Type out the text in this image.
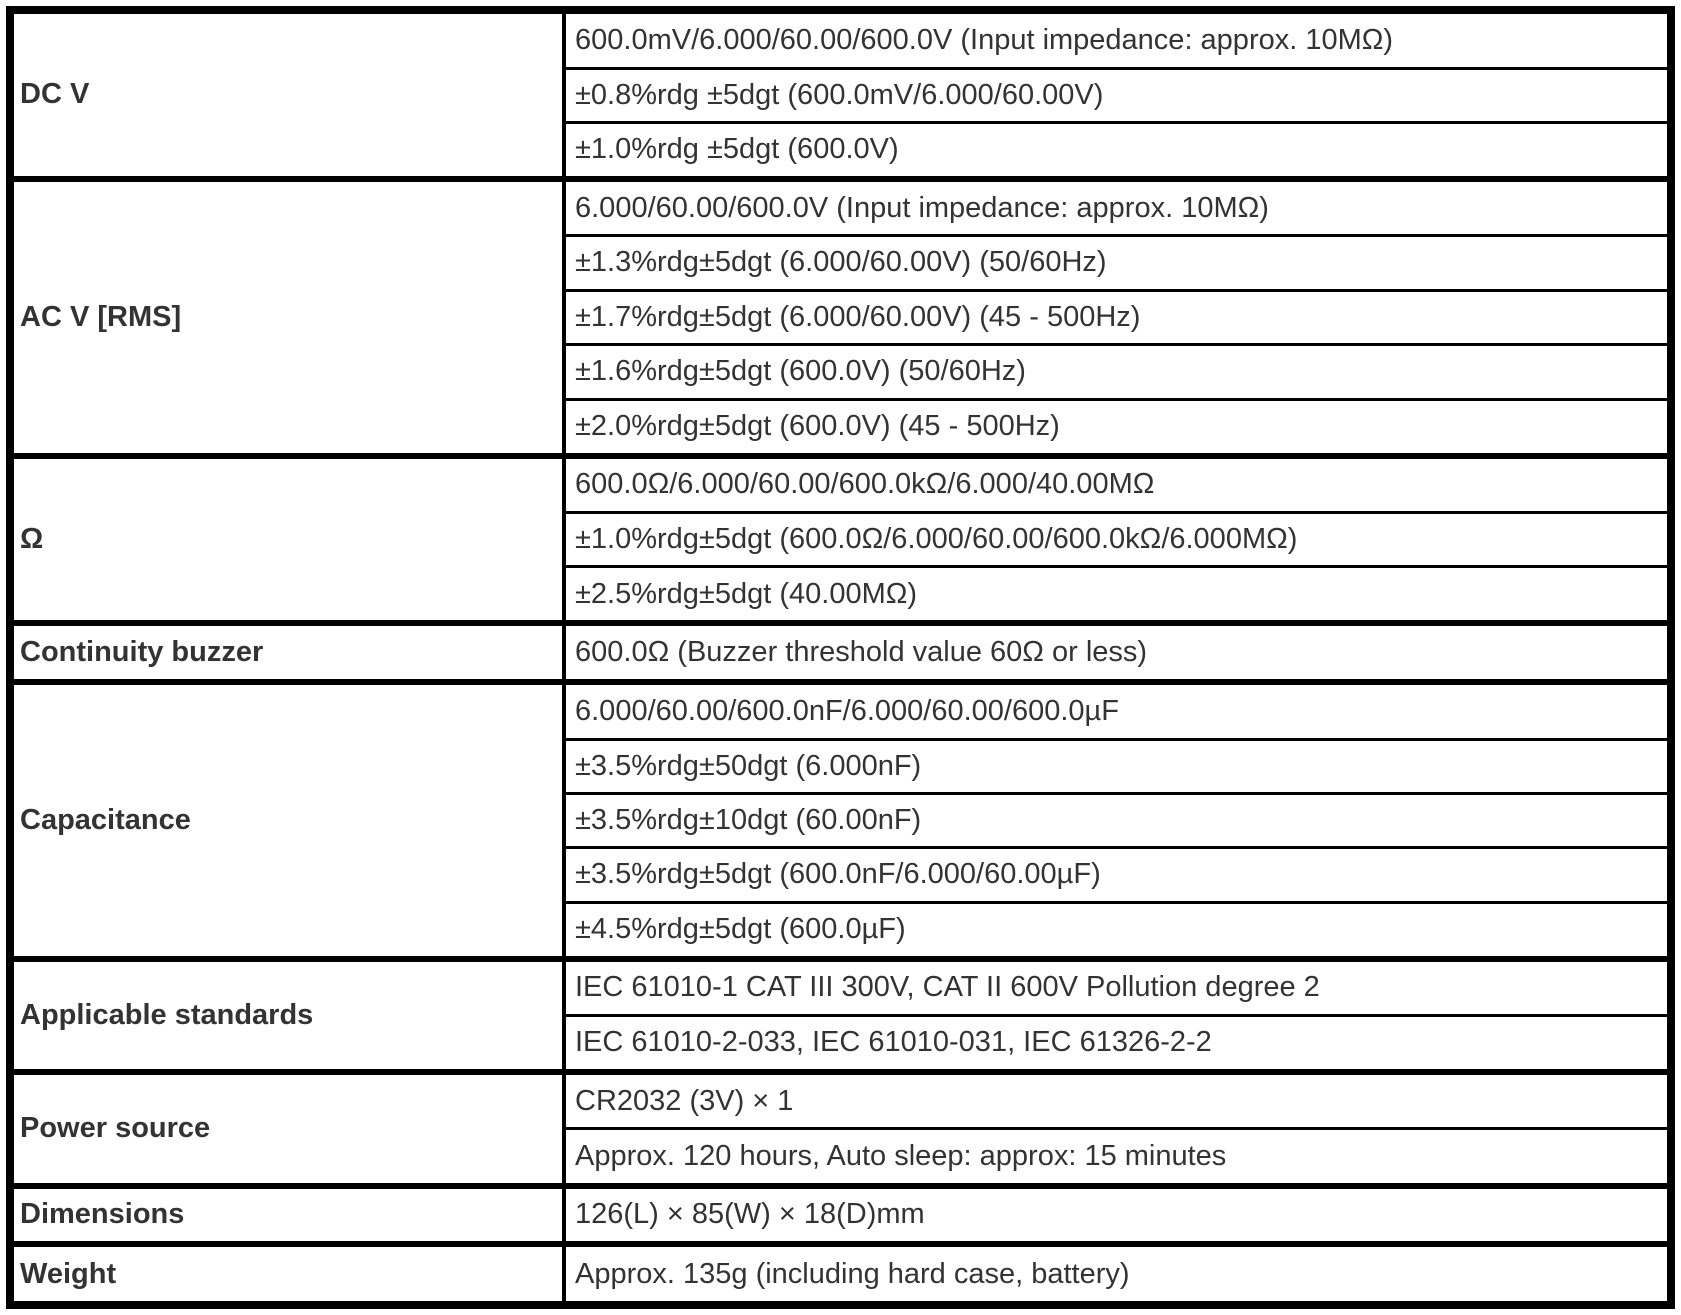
DC V	600.0mV/6.000/60.00/600.0V (Input impedance: approx. 10MΩ)
	±0.8%rdg ±5dgt (600.0mV/6.000/60.00V)
	±1.0%rdg ±5dgt (600.0V)
AC V [RMS]	6.000/60.00/600.0V (Input impedance: approx. 10MΩ)
	±1.3%rdg±5dgt (6.000/60.00V) (50/60Hz)
	±1.7%rdg±5dgt (6.000/60.00V) (45 - 500Hz)
	±1.6%rdg±5dgt (600.0V) (50/60Hz)
	±2.0%rdg±5dgt (600.0V) (45 - 500Hz)
Ω	600.0Ω/6.000/60.00/600.0kΩ/6.000/40.00MΩ
	±1.0%rdg±5dgt (600.0Ω/6.000/60.00/600.0kΩ/6.000MΩ)
	±2.5%rdg±5dgt (40.00MΩ)
Continuity buzzer	600.0Ω (Buzzer threshold value 60Ω or less)
Capacitance	6.000/60.00/600.0nF/6.000/60.00/600.0µF
	±3.5%rdg±50dgt (6.000nF)
	±3.5%rdg±10dgt (60.00nF)
	±3.5%rdg±5dgt (600.0nF/6.000/60.00µF)
	±4.5%rdg±5dgt (600.0µF)
Applicable standards	IEC 61010-1 CAT III 300V, CAT II 600V Pollution degree 2
	IEC 61010-2-033, IEC 61010-031, IEC 61326-2-2
Power source	CR2032 (3V) × 1
	Approx. 120 hours, Auto sleep: approx: 15 minutes
Dimensions	126(L) × 85(W) × 18(D)mm
Weight	Approx. 135g (including hard case, battery)
